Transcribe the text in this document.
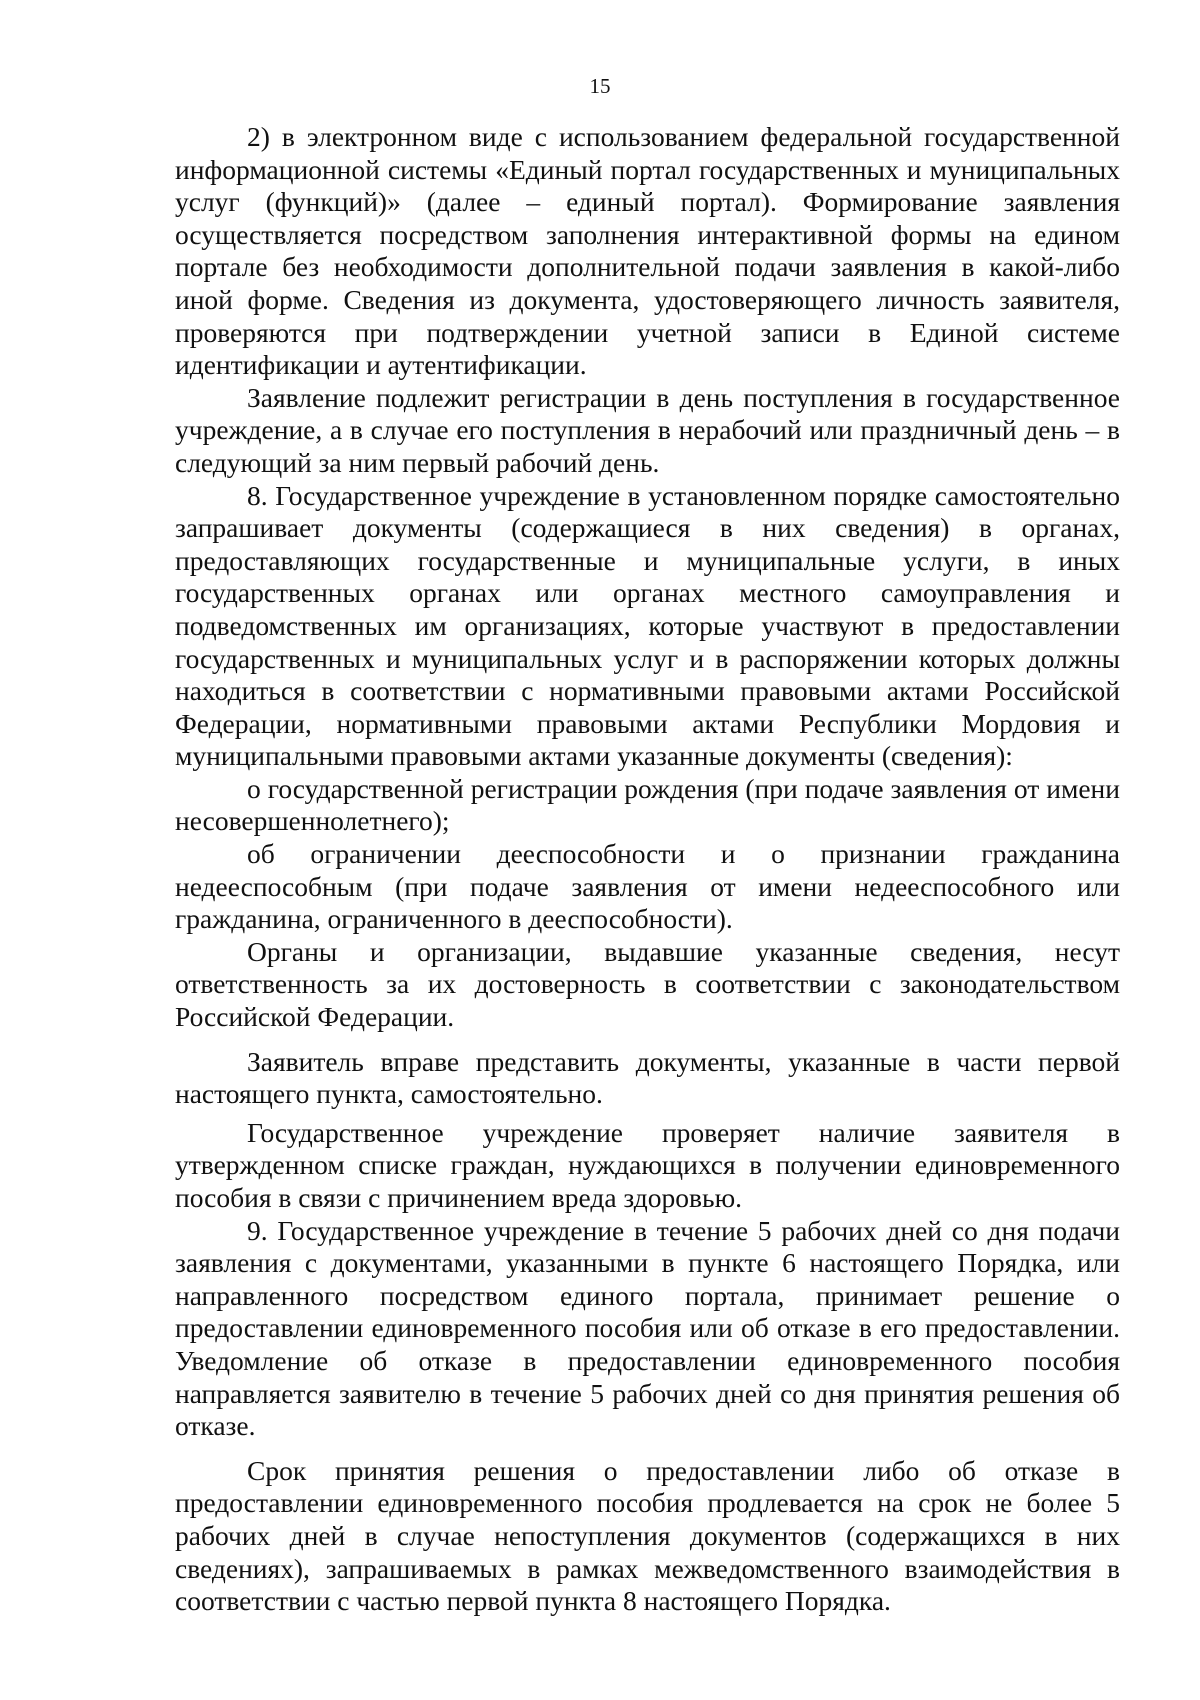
15

2) в электронном виде с использованием федеральной государственной информационной системы «Единый портал государственных и муниципальных услуг (функций)» (далее – единый портал). Формирование заявления осуществляется посредством заполнения интерактивной формы на едином портале без необходимости дополнительной подачи заявления в какой-либо иной форме. Сведения из документа, удостоверяющего личность заявителя, проверяются при подтверждении учетной записи в Единой системе идентификации и аутентификации.

Заявление подлежит регистрации в день поступления в государственное учреждение, а в случае его поступления в нерабочий или праздничный день – в следующий за ним первый рабочий день.

8. Государственное учреждение в установленном порядке самостоятельно запрашивает документы (содержащиеся в них сведения) в органах, предоставляющих государственные и муниципальные услуги, в иных государственных органах или органах местного самоуправления и подведомственных им организациях, которые участвуют в предоставлении государственных и муниципальных услуг и в распоряжении которых должны находиться в соответствии с нормативными правовыми актами Российской Федерации, нормативными правовыми актами Республики Мордовия и муниципальными правовыми актами указанные документы (сведения):

о государственной регистрации рождения (при подаче заявления от имени несовершеннолетнего);

об ограничении дееспособности и о признании гражданина недееспособным (при подаче заявления от имени недееспособного или гражданина, ограниченного в дееспособности).

Органы и организации, выдавшие указанные сведения, несут ответственность за их достоверность в соответствии с законодательством Российской Федерации.

Заявитель вправе представить документы, указанные в части первой настоящего пункта, самостоятельно.

Государственное учреждение проверяет наличие заявителя в утвержденном списке граждан, нуждающихся в получении единовременного пособия в связи с причинением вреда здоровью.

9. Государственное учреждение в течение 5 рабочих дней со дня подачи заявления с документами, указанными в пункте 6 настоящего Порядка, или направленного посредством единого портала, принимает решение о предоставлении единовременного пособия или об отказе в его предоставлении. Уведомление об отказе в предоставлении единовременного пособия направляется заявителю в течение 5 рабочих дней со дня принятия решения об отказе.

Срок принятия решения о предоставлении либо об отказе в предоставлении единовременного пособия продлевается на срок не более 5 рабочих дней в случае непоступления документов (содержащихся в них сведениях), запрашиваемых в рамках межведомственного взаимодействия в соответствии с частью первой пункта 8 настоящего Порядка.
